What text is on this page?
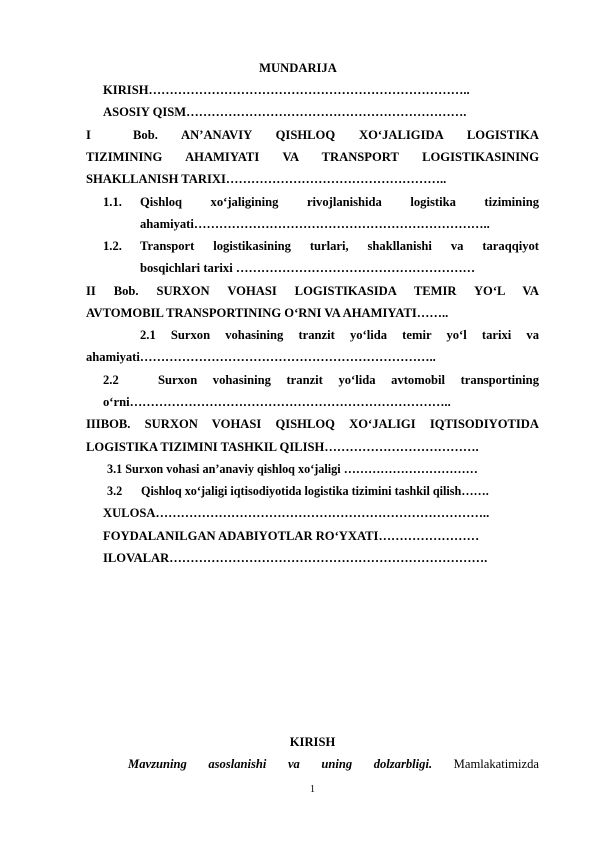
MUNDARIJA
KIRISH…………………………………………………………………..
ASOSIY QISM………………………………………………………….
I	Bob. AN’ANAVIY QISHLOQ XO‘JALIGIDA LOGISTIKA
TIZIMINING AHAMIYATI VA TRANSPORT LOGISTIKASINING
SHAKLLANISH TARIXI……………………………………………..
1.1. Qishloq xo‘jaligining rivojlanishida logistika tizimining
ahamiyati……………………………………………………………..
1.2. Transport logistikasining turlari, shakllanishi va taraqqiyot
bosqichlari tarixi …………………………………………………
II Bob. SURXON VOHASI LOGISTIKASIDA TEMIR YO‘L VA
AVTOMOBIL TRANSPORTINING O‘RNI VA AHAMIYATI……..
2.1 Surxon vohasining tranzit yo‘lida temir yo‘l tarixi va
ahamiyati……………………………………………………………..
2.2	Surxon vohasining tranzit yo‘lida avtomobil transportining
o‘rni…………………………………………………………………..
IIIBOB. SURXON VOHASI QISHLOQ XO‘JALIGI IQTISODIYOTIDA
LOGISTIKA TIZIMINI TASHKIL QILISH……………………………….
3.1 Surxon vohasi an’anaviy qishloq xo‘jaligi ……………………………
3.2 Qishloq xo‘jaligi iqtisodiyotida logistika tizimini tashkil qilish…….
XULOSA……………………………………………………………………..
FOYDALANILGAN ADABIYOTLAR RO‘YXATI……………………
ILOVALAR………………………………………………………………….
KIRISH
Mavzuning asoslanishi va uning dolzarbligi. Mamlakatimizda
1
